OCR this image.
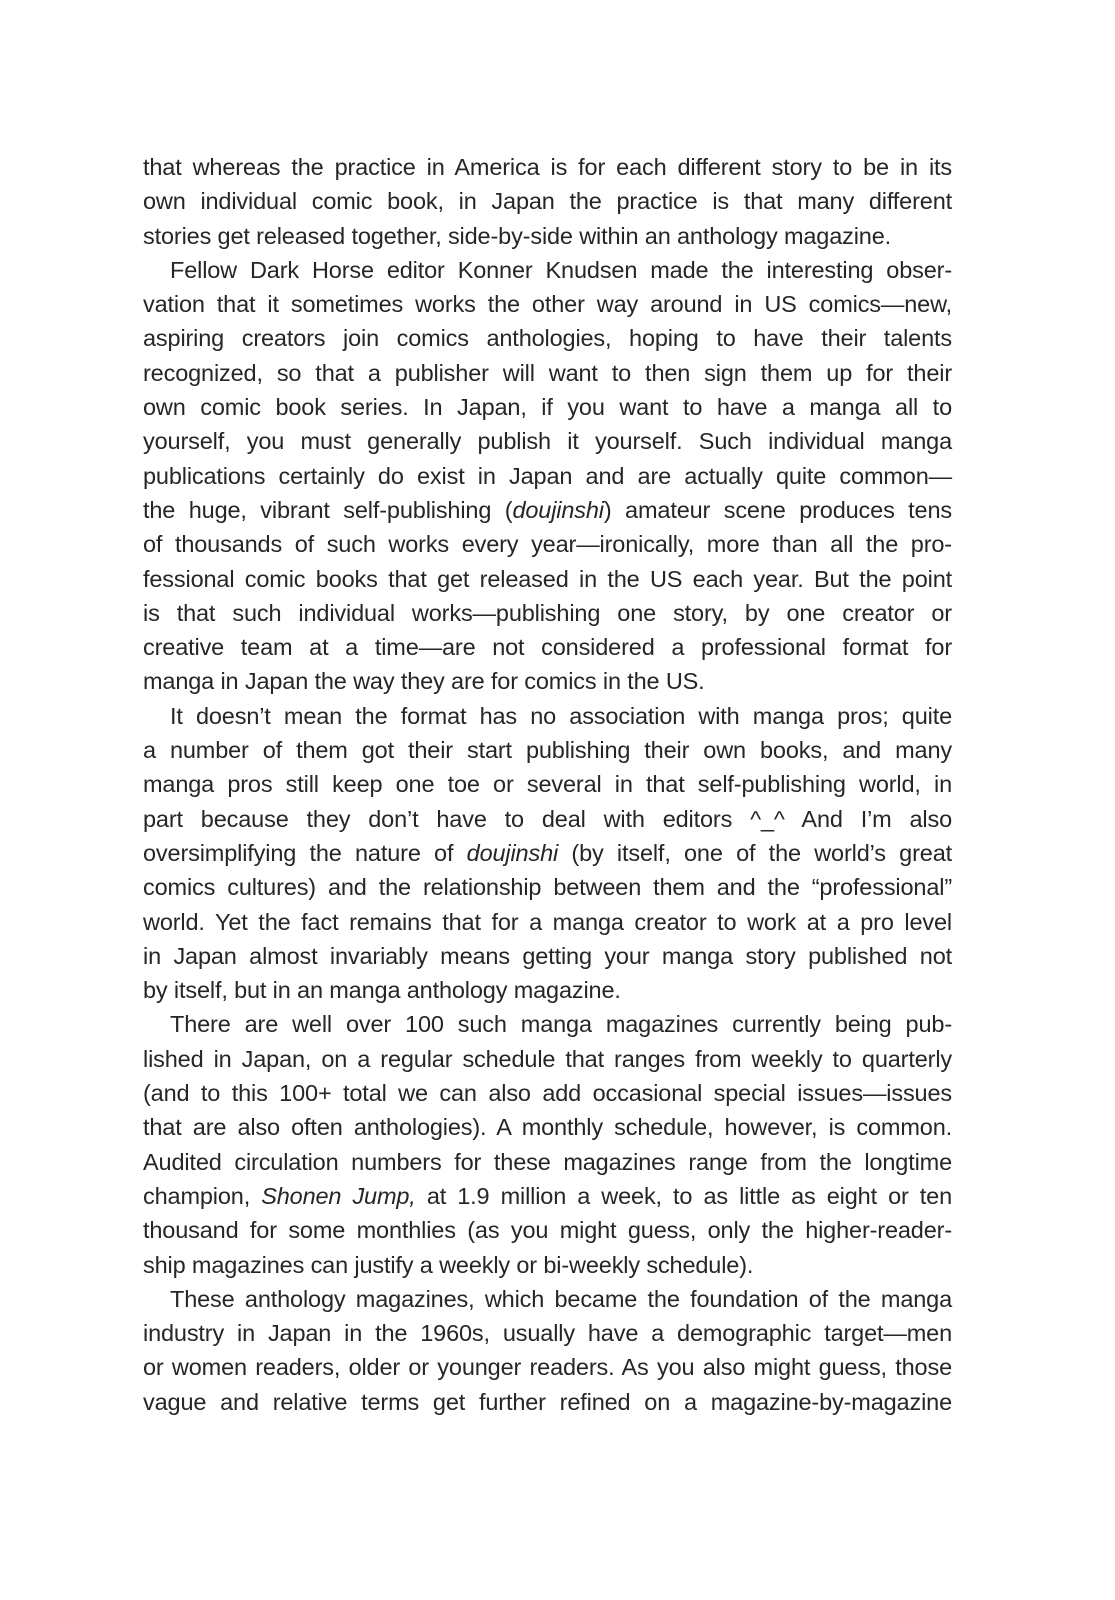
that whereas the practice in America is for each different story to be in its
own individual comic book, in Japan the practice is that many different
stories get released together, side-by-side within an anthology magazine.

Fellow Dark Horse editor Konner Knudsen made the interesting obser-
vation that it sometimes works the other way around in US comics—new,
aspiring creators join comics anthologies, hoping to have their talents
recognized, so that a publisher will want to then sign them up for their
own comic book series. In Japan, if you want to have a manga all to
yourself, you must generally publish it yourself. Such individual manga
publications certainly do exist in Japan and are actually quite common—
the huge, vibrant self-publishing (doujinshi) amateur scene produces tens
of thousands of such works every year—ironically, more than all the pro-
fessional comic books that get released in the US each year. But the point
is that such individual works—publishing one story, by one creator or
creative team at a time—are not considered a professional format for
manga in Japan the way they are for comics in the US.

It doesn’t mean the format has no association with manga pros; quite
a number of them got their start publishing their own books, and many
manga pros still keep one toe or several in that self-publishing world, in
part because they don’t have to deal with editors ^_^ And I’m also
oversimplifying the nature of doujinshi (by itself, one of the world’s great
comics cultures) and the relationship between them and the “professional”
world. Yet the fact remains that for a manga creator to work at a pro level
in Japan almost invariably means getting your manga story published not
by itself, but in an manga anthology magazine.

There are well over 100 such manga magazines currently being pub-
lished in Japan, on a regular schedule that ranges from weekly to quarterly
(and to this 100+ total we can also add occasional special issues—issues
that are also often anthologies). A monthly schedule, however, is common.
Audited circulation numbers for these magazines range from the longtime
champion, Shonen Jump, at 1.9 million a week, to as little as eight or ten
thousand for some monthlies (as you might guess, only the higher-reader-
ship magazines can justify a weekly or bi-weekly schedule).

These anthology magazines, which became the foundation of the manga
industry in Japan in the 1960s, usually have a demographic target—men
or women readers, older or younger readers. As you also might guess, those
vague and relative terms get further refined on a magazine-by-magazine
